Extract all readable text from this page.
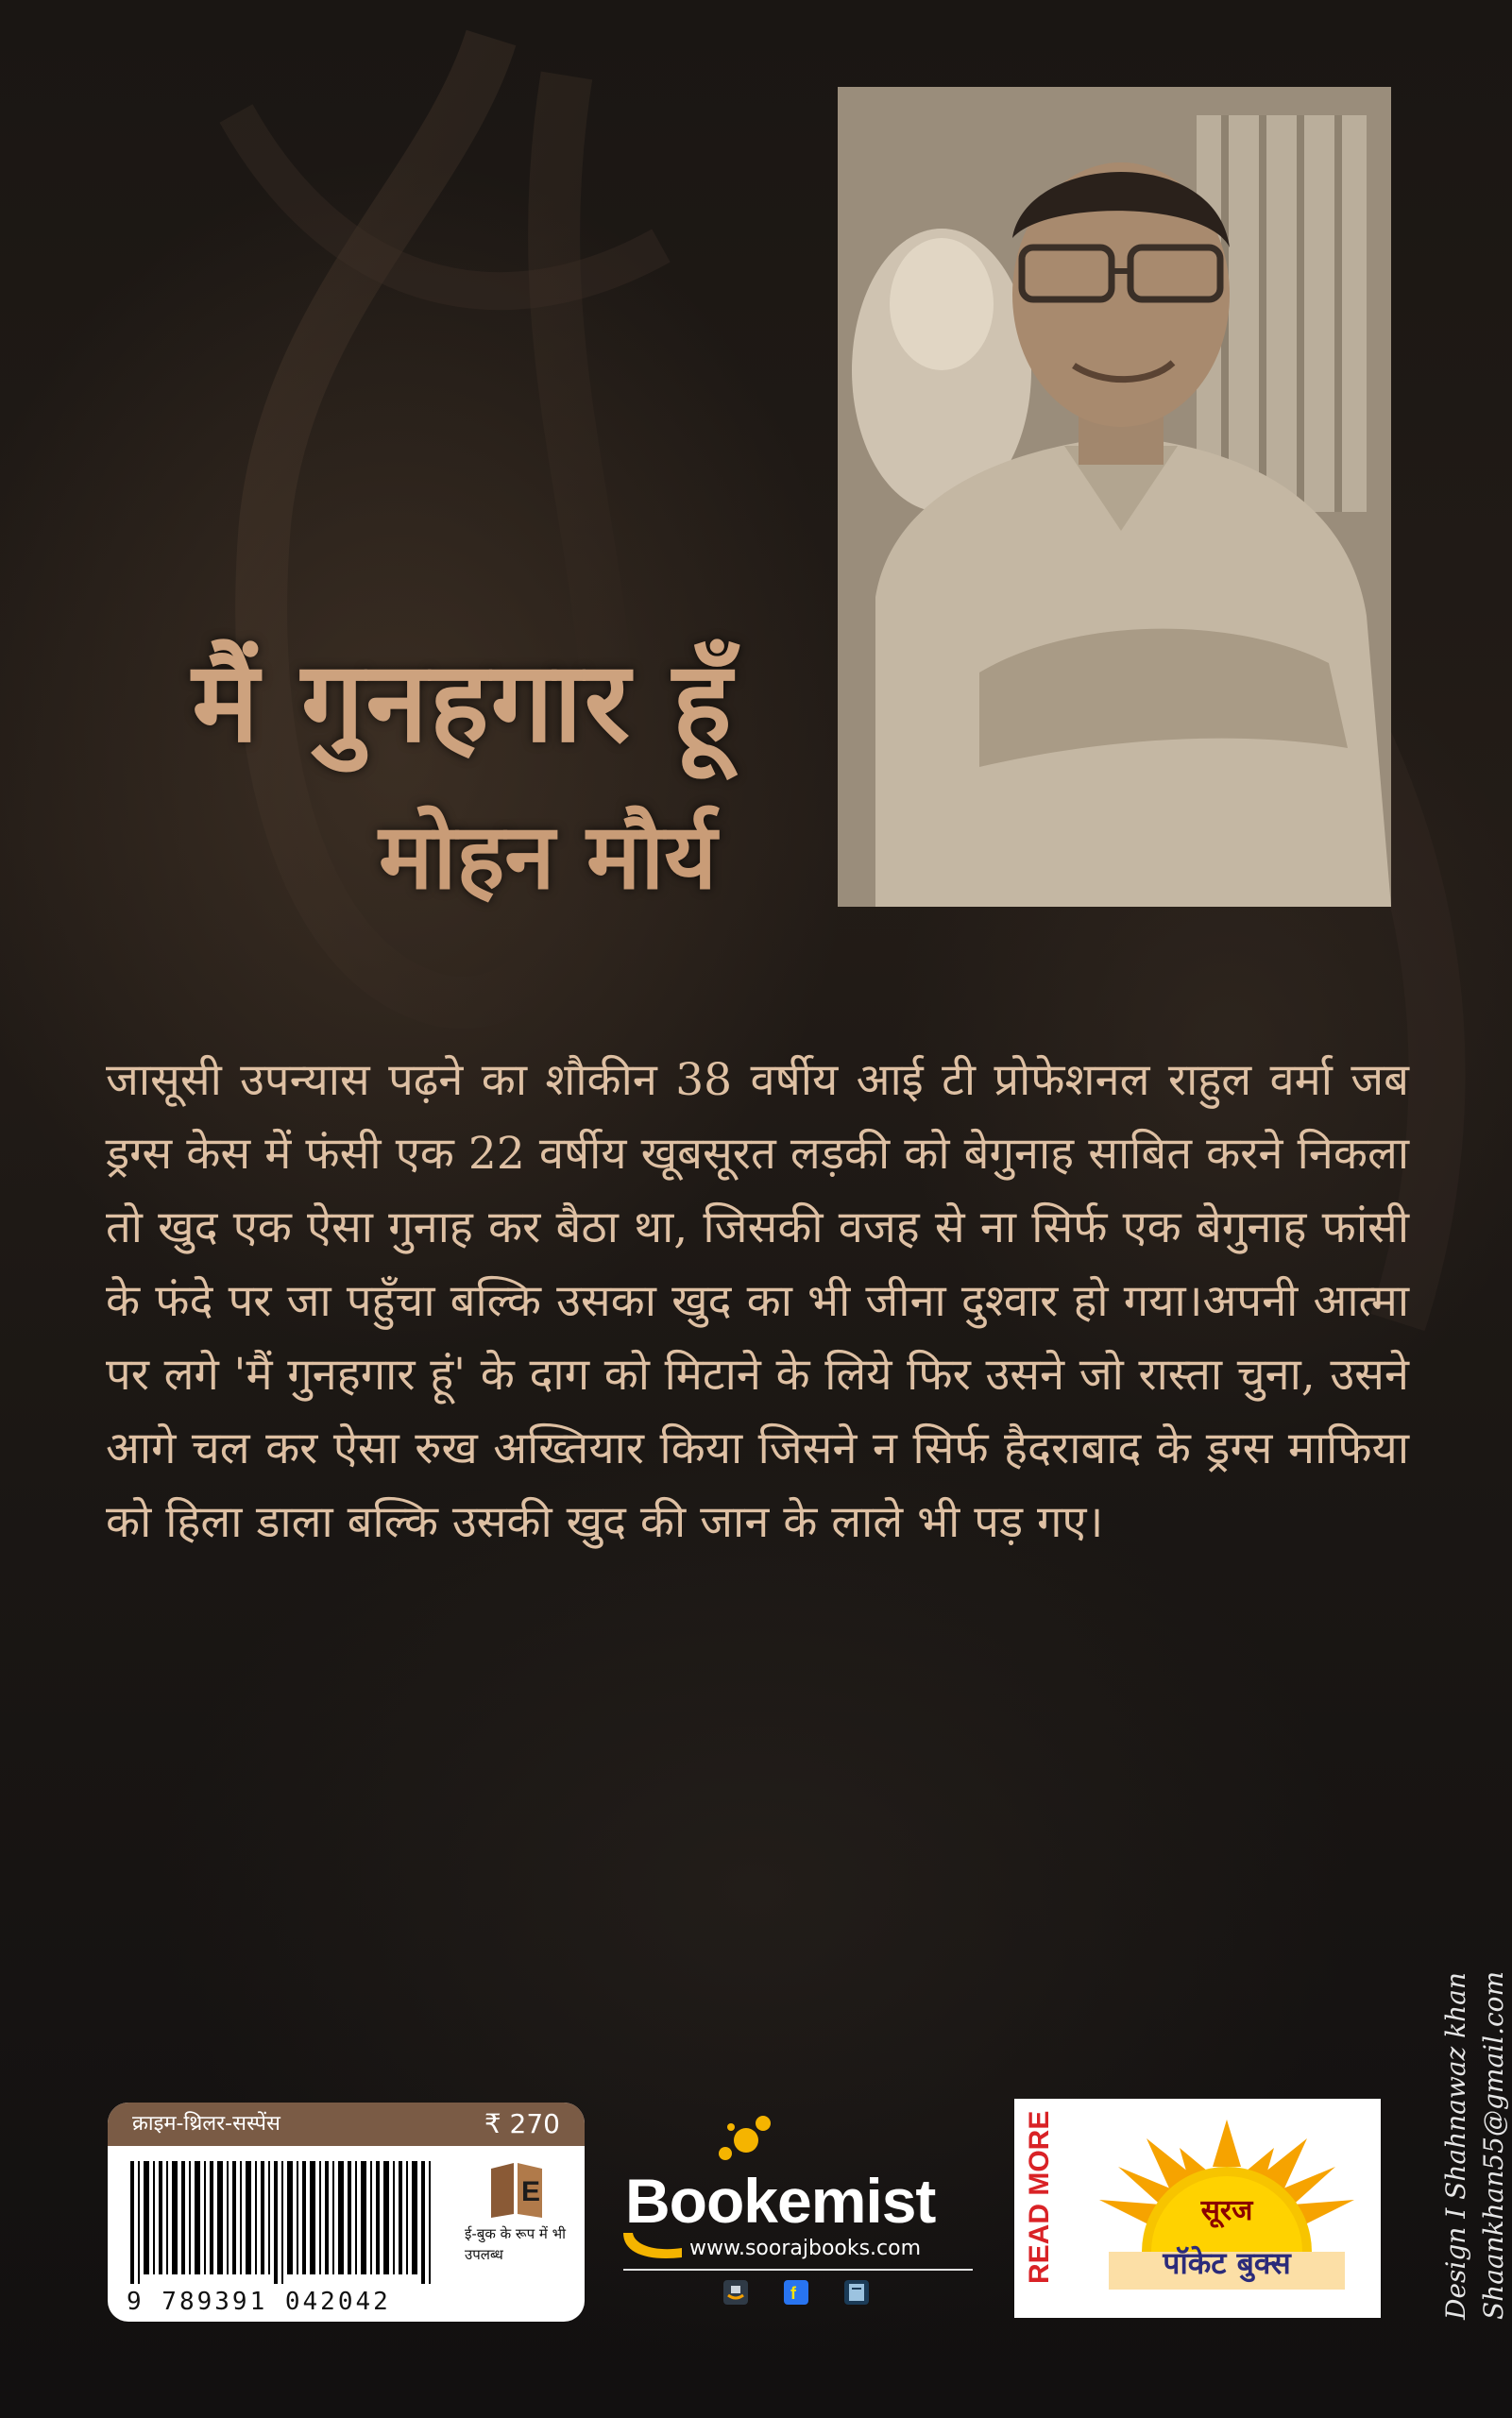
मैं गुनहगार हूँ
मोहन मौर्य
जासूसी उपन्यास पढ़ने का शौकीन 38 वर्षीय आई टी प्रोफेशनल राहुल वर्मा जब ड्रग्स केस में फंसी एक 22 वर्षीय खूबसूरत लड़की को बेगुनाह साबित करने निकला तो खुद एक ऐसा गुनाह कर बैठा था, जिसकी वजह से ना सिर्फ एक बेगुनाह फांसी के फंदे पर जा पहुँचा बल्कि उसका खुद का भी जीना दुश्वार हो गया।अपनी आत्मा पर लगे 'मैं गुनहगार हूं' के दाग को मिटाने के लिये फिर उसने जो रास्ता चुना, उसने आगे चल कर ऐसा रुख अख्तियार किया जिसने न सिर्फ हैदराबाद के ड्रग्स माफिया को हिला डाला बल्कि उसकी खुद की जान के लाले भी पड़ गए।
क्राइम-थ्रिलर-सस्पेंस	₹ 270
9 789391 042042
E
ई-बुक के रूप में भी उपलब्ध
Bookemist
www.soorajbooks.com
f
READ MORE	सूरज
पॉकेट बुक्स	Design I Shahnawaz khan Shaankhan55@gmail.com
